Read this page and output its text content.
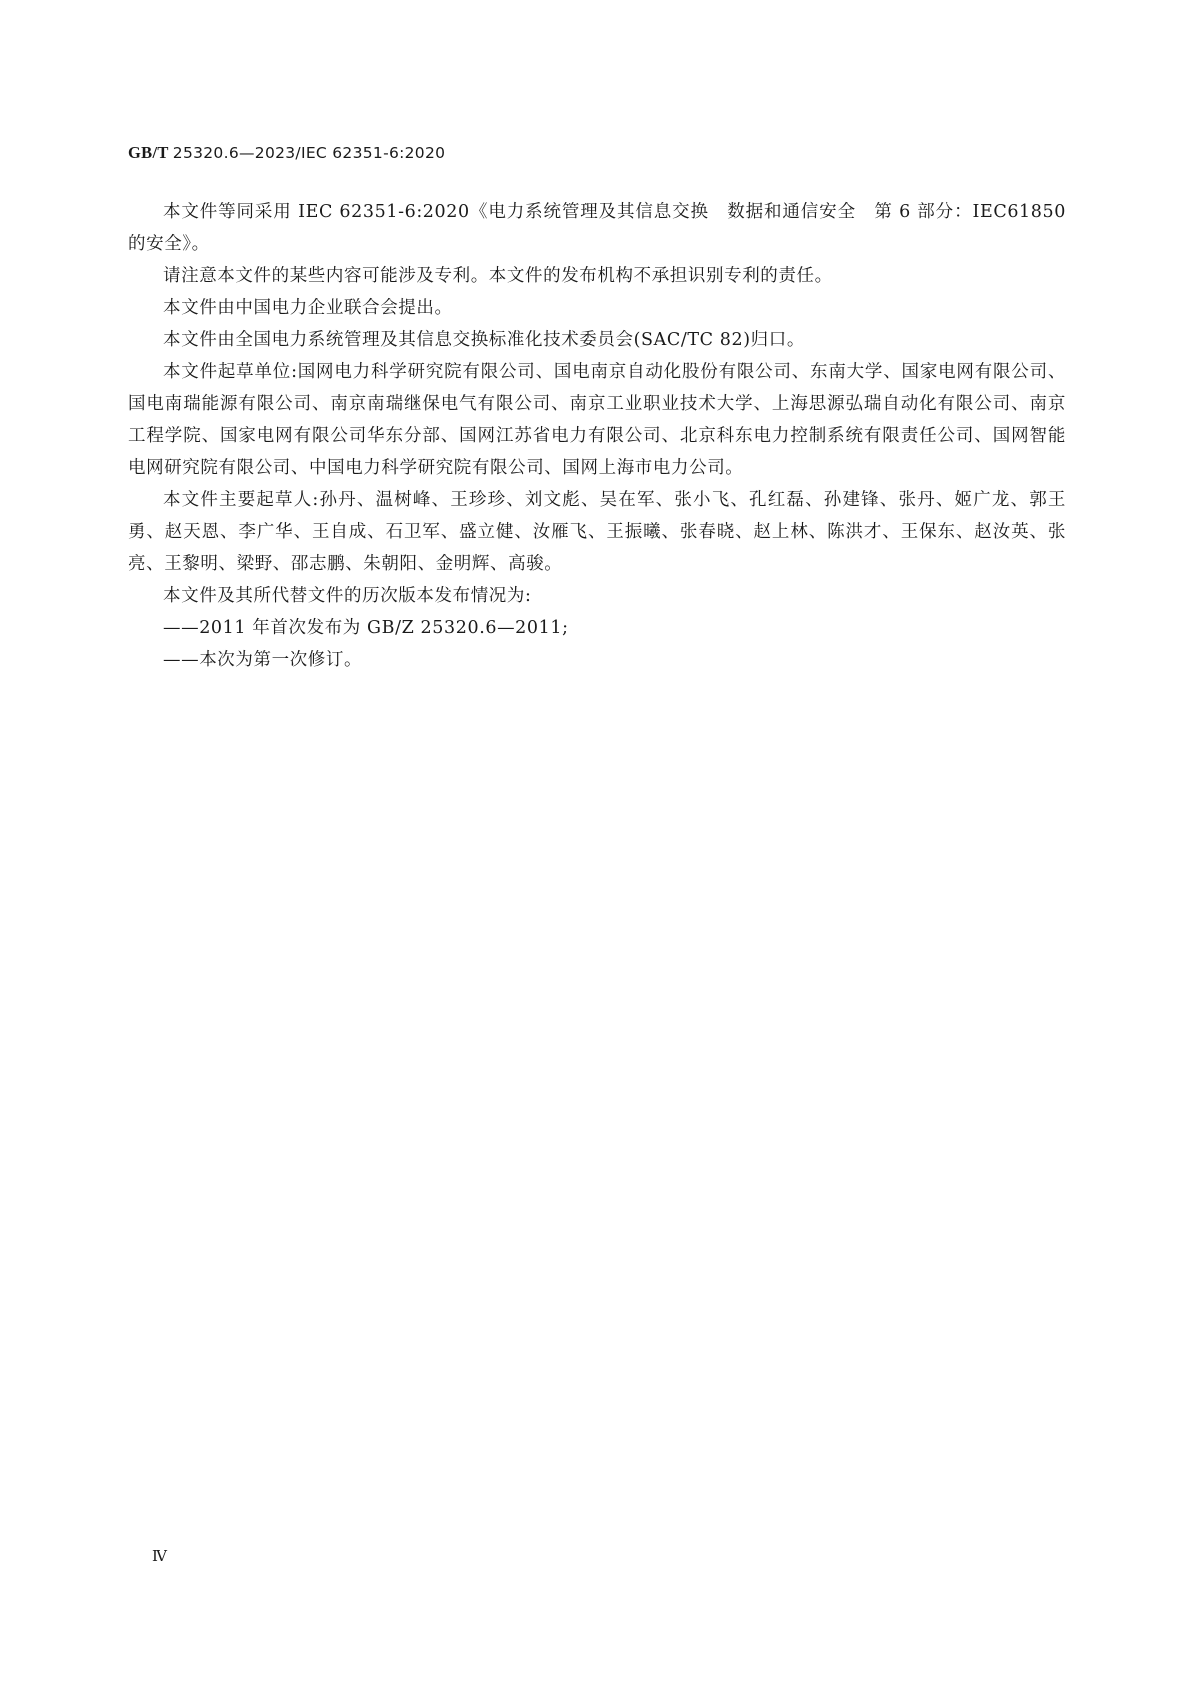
GB/T 25320.6—2023/IEC 62351-6:2020

本文件等同采用 IEC 62351-6:2020《电力系统管理及其信息交换　数据和通信安全　第 6 部分：IEC61850 的安全》。

请注意本文件的某些内容可能涉及专利。本文件的发布机构不承担识别专利的责任。

本文件由中国电力企业联合会提出。

本文件由全国电力系统管理及其信息交换标准化技术委员会(SAC/TC 82)归口。

本文件起草单位:国网电力科学研究院有限公司、国电南京自动化股份有限公司、东南大学、国家电网有限公司、国电南瑞能源有限公司、南京南瑞继保电气有限公司、南京工业职业技术大学、上海思源弘瑞自动化有限公司、南京工程学院、国家电网有限公司华东分部、国网江苏省电力有限公司、北京科东电力控制系统有限责任公司、国网智能电网研究院有限公司、中国电力科学研究院有限公司、国网上海市电力公司。

本文件主要起草人:孙丹、温树峰、王珍珍、刘文彪、吴在军、张小飞、孔红磊、孙建锋、张丹、姬广龙、郭王勇、赵天恩、李广华、王自成、石卫军、盛立健、汝雁飞、王振曦、张春晓、赵上林、陈洪才、王保东、赵汝英、张亮、王黎明、梁野、邵志鹏、朱朝阳、金明辉、高骏。

本文件及其所代替文件的历次版本发布情况为:

——2011 年首次发布为 GB/Z 25320.6—2011;

——本次为第一次修订。

Ⅳ
